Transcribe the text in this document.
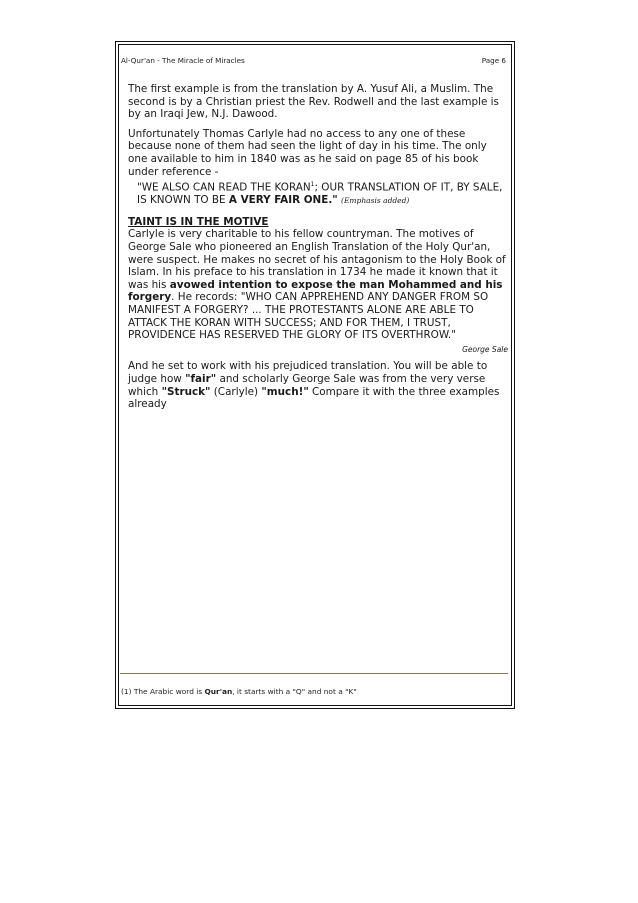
Al-Qur'an - The Miracle of Miracles	Page 6

The first example is from the translation by A. Yusuf Ali, a Muslim. The second is by a Christian priest the Rev. Rodwell and the last example is by an Iraqi Jew, N.J. Dawood.

Unfortunately Thomas Carlyle had no access to any one of these because none of them had seen the light of day in his time. The only one available to him in 1840 was as he said on page 85 of his book under reference -

"WE ALSO CAN READ THE KORAN$^1$; OUR TRANSLATION OF IT, BY SALE, IS KNOWN TO BE A VERY FAIR ONE." (Emphasis added)
TAINT IS IN THE MOTIVE
Carlyle is very charitable to his fellow countryman. The motives of George Sale who pioneered an English Translation of the Holy Qur'an, were suspect. He makes no secret of his antagonism to the Holy Book of Islam. In his preface to his translation in 1734 he made it known that it was his avowed intention to expose the man Mohammed and his forgery. He records: "WHO CAN APPREHEND ANY DANGER FROM SO MANIFEST A FORGERY? ... THE PROTESTANTS ALONE ARE ABLE TO ATTACK THE KORAN WITH SUCCESS; AND FOR THEM, I TRUST, PROVIDENCE HAS RESERVED THE GLORY OF ITS OVERTHROW."
George Sale

And he set to work with his prejudiced translation. You will be able to judge how "fair" and scholarly George Sale was from the very verse which "Struck" (Carlyle) "much!" Compare it with the three examples already

(1) The Arabic word is Qur'an, it starts with a "Q" and not a "K"
